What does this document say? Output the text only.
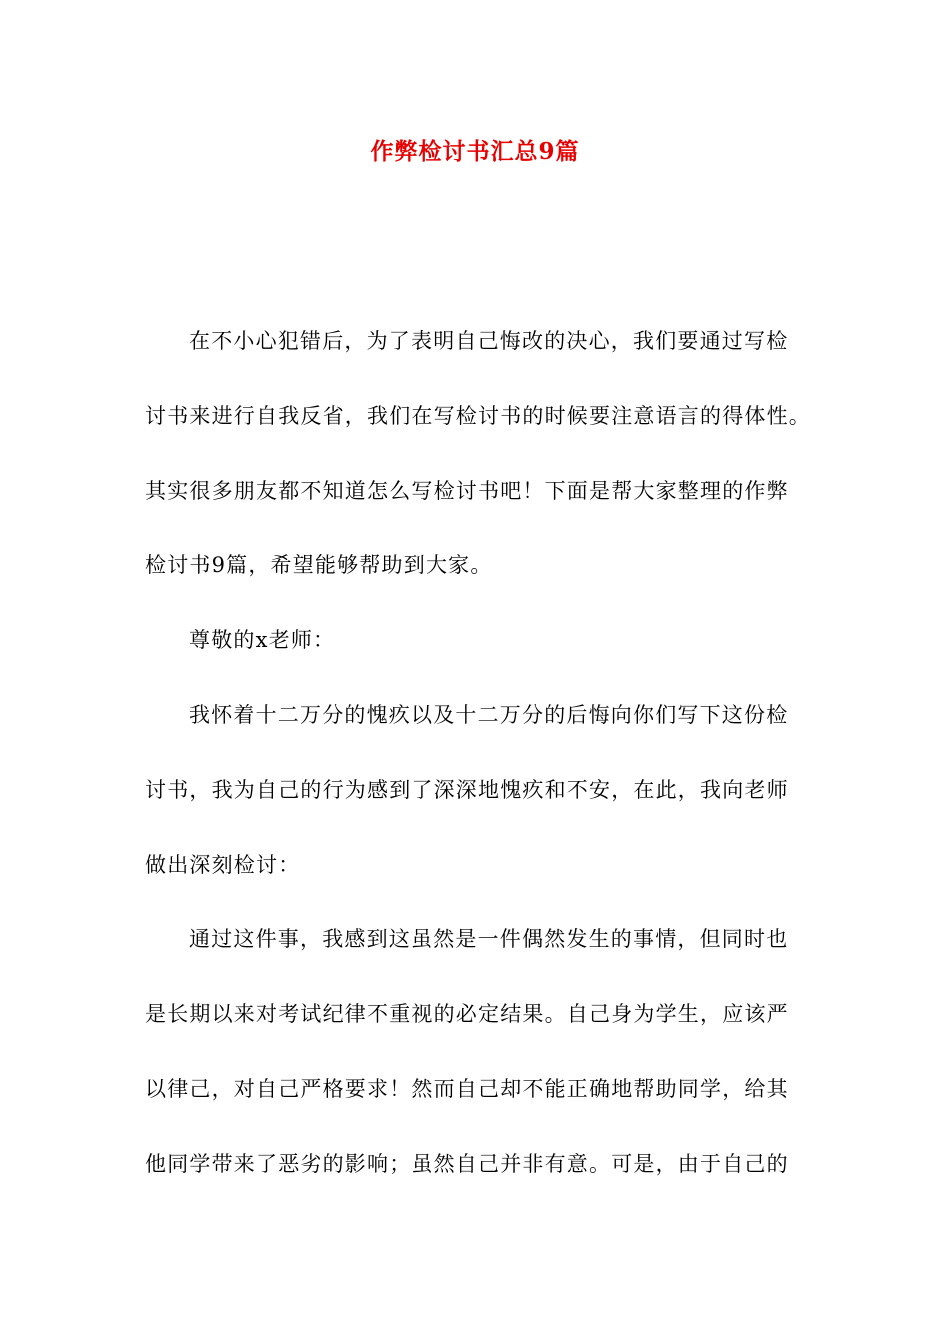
作弊检讨书汇总9篇

在不小心犯错后，为了表明自己悔改的决心，我们要通过写检
讨书来进行自我反省，我们在写检讨书的时候要注意语言的得体性。
其实很多朋友都不知道怎么写检讨书吧！下面是帮大家整理的作弊
检讨书9篇，希望能够帮助到大家。

尊敬的x老师：

我怀着十二万分的愧疚以及十二万分的后悔向你们写下这份检
讨书，我为自己的行为感到了深深地愧疚和不安，在此，我向老师
做出深刻检讨：

通过这件事，我感到这虽然是一件偶然发生的事情，但同时也
是长期以来对考试纪律不重视的必定结果。自己身为学生，应该严
以律己，对自己严格要求！然而自己却不能正确地帮助同学，给其
他同学带来了恶劣的影响；虽然自己并非有意。可是，由于自己的
